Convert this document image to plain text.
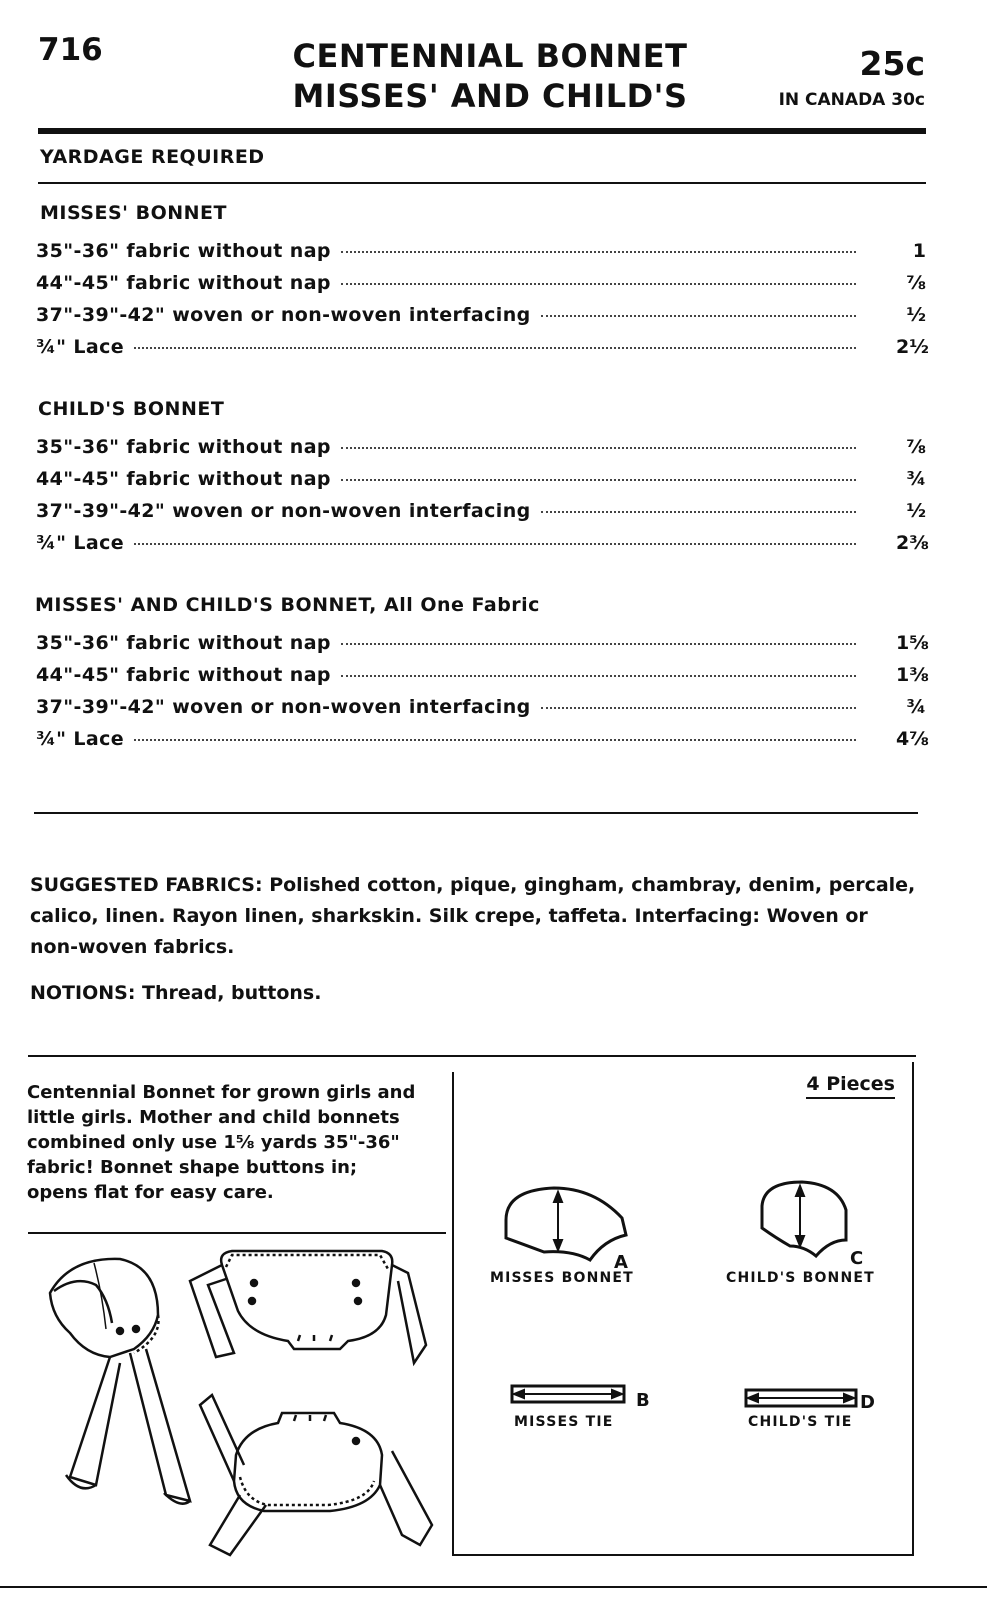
716	CENTENNIAL BONNET
MISSES' AND CHILD'S
25c
IN CANADA 30c
YARDAGE REQUIRED
MISSES' BONNET
35"-36" fabric without nap	1
44"-45" fabric without nap	⅞
37"-39"-42" woven or non-woven interfacing	½
¾" Lace	2½
CHILD'S BONNET
35"-36" fabric without nap	⅞
44"-45" fabric without nap	¾
37"-39"-42" woven or non-woven interfacing	½
¾" Lace	2⅜
MISSES' AND CHILD'S BONNET, All One Fabric
35"-36" fabric without nap	1⅝
44"-45" fabric without nap	1⅜
37"-39"-42" woven or non-woven interfacing	¾
¾" Lace	4⅞
SUGGESTED FABRICS: Polished cotton, pique, gingham, chambray, denim, percale, calico, linen. Rayon linen, sharkskin. Silk crepe, taffeta. Interfacing: Woven or non-woven fabrics.
NOTIONS: Thread, buttons.
Centennial Bonnet for grown girls and little girls. Mother and child bonnets combined only use 1⅝ yards 35"-36" fabric! Bonnet shape buttons in; opens flat for easy care.
4 Pieces
A
MISSES BONNET
C
CHILD'S BONNET
B
MISSES TIE
D
CHILD'S TIE
